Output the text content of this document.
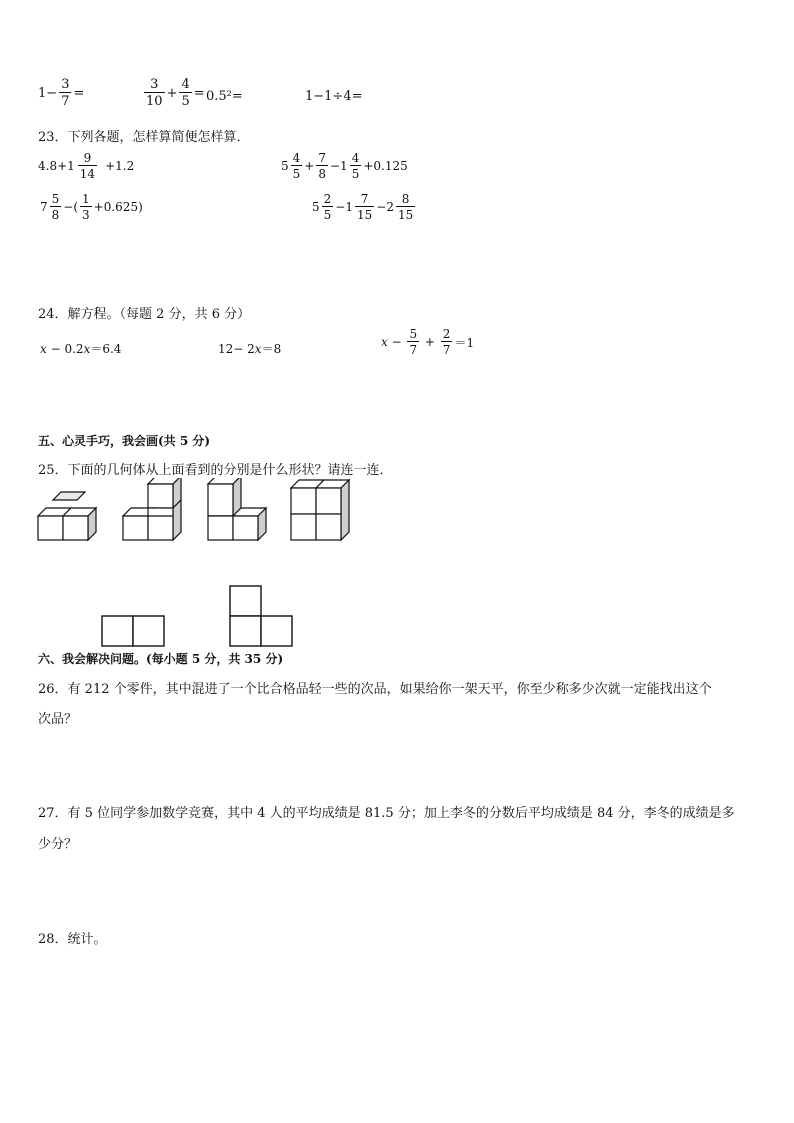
$1 - \frac{3}{7}$ =	$\frac{3}{10} + \frac{4}{5} = 0.5^2=$	1−1÷4=
23．下列各题，怎样算简便怎样算．
$4.8+ 1 \frac{9}{14} +1.2$	$5 \frac{4}{5} + \frac{7}{8} - 1 \frac{4}{5} +0.125$
$7 \frac{5}{8}$ −( $\frac{1}{3} +0.625$)	$5 \frac{2}{5} - 1 \frac{7}{15} - 2 \frac{8}{15}$
24．解方程。（每题 2 分，共 6 分）
x − 0.2x＝6.4	12− 2x＝8	$x - \frac{5}{7} + \frac{2}{7} =1$
五、心灵手巧，我会画(共 5 分)
25．下面的几何体从上面看到的分别是什么形状？请连一连．
六、我会解决问题。(每小题 5 分，共 35 分)
26．有 212 个零件，其中混进了一个比合格品轻一些的次品，如果给你一架天平，你至少称多少次就一定能找出这个
次品？
27．有 5 位同学参加数学竞赛，其中 4 人的平均成绩是 81.5 分；加上李冬的分数后平均成绩是 84 分，李冬的成绩是多
少分？
28．统计。
